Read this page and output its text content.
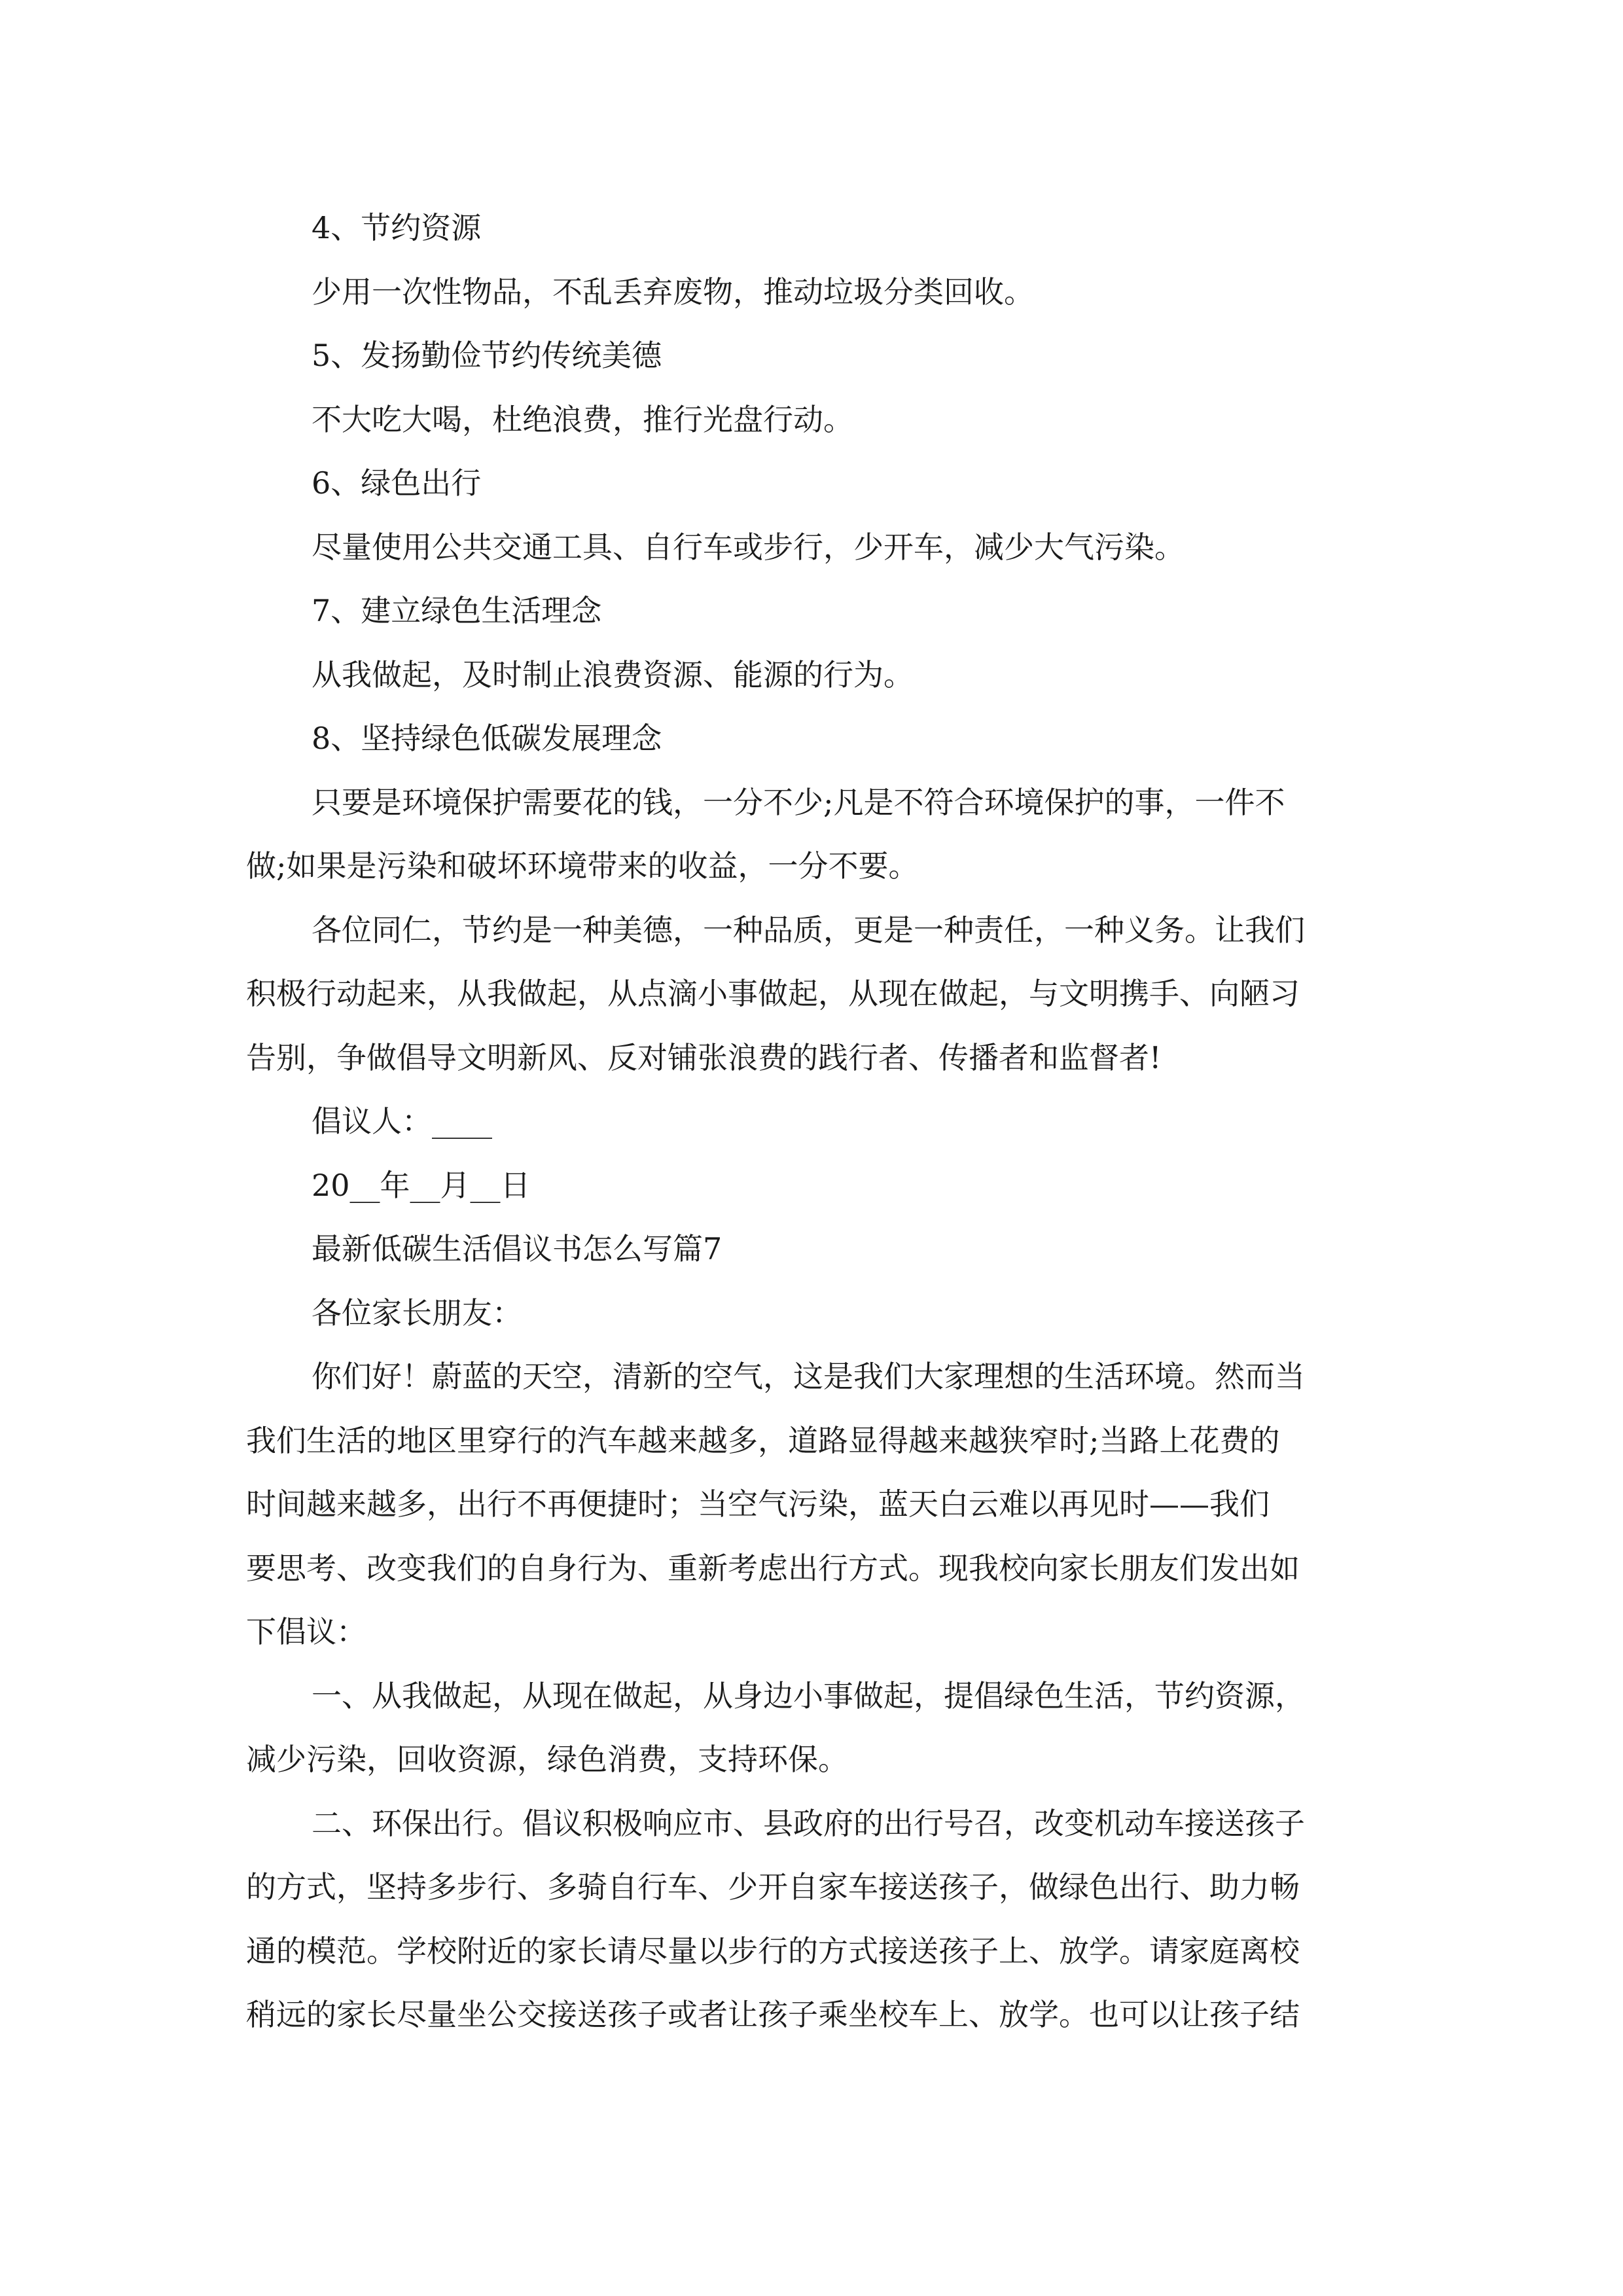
4、节约资源
少用一次性物品，不乱丢弃废物，推动垃圾分类回收。
5、发扬勤俭节约传统美德
不大吃大喝，杜绝浪费，推行光盘行动。
6、绿色出行
尽量使用公共交通工具、自行车或步行，少开车，减少大气污染。
7、建立绿色生活理念
从我做起，及时制止浪费资源、能源的行为。
8、坚持绿色低碳发展理念
只要是环境保护需要花的钱，一分不少;凡是不符合环境保护的事，一件不
做;如果是污染和破坏环境带来的收益，一分不要。
各位同仁，节约是一种美德，一种品质，更是一种责任，一种义务。让我们
积极行动起来，从我做起，从点滴小事做起，从现在做起，与文明携手、向陋习
告别，争做倡导文明新风、反对铺张浪费的践行者、传播者和监督者!
倡议人：____
20__年__月__日
最新低碳生活倡议书怎么写篇7
各位家长朋友：
你们好！蔚蓝的天空，清新的空气，这是我们大家理想的生活环境。然而当
我们生活的地区里穿行的汽车越来越多，道路显得越来越狭窄时;当路上花费的
时间越来越多，出行不再便捷时；当空气污染，蓝天白云难以再见时——我们
要思考、改变我们的自身行为、重新考虑出行方式。现我校向家长朋友们发出如
下倡议：
一、从我做起，从现在做起，从身边小事做起，提倡绿色生活，节约资源，
减少污染，回收资源，绿色消费，支持环保。
二、环保出行。倡议积极响应市、县政府的出行号召，改变机动车接送孩子
的方式，坚持多步行、多骑自行车、少开自家车接送孩子，做绿色出行、助力畅
通的模范。学校附近的家长请尽量以步行的方式接送孩子上、放学。请家庭离校
稍远的家长尽量坐公交接送孩子或者让孩子乘坐校车上、放学。也可以让孩子结
